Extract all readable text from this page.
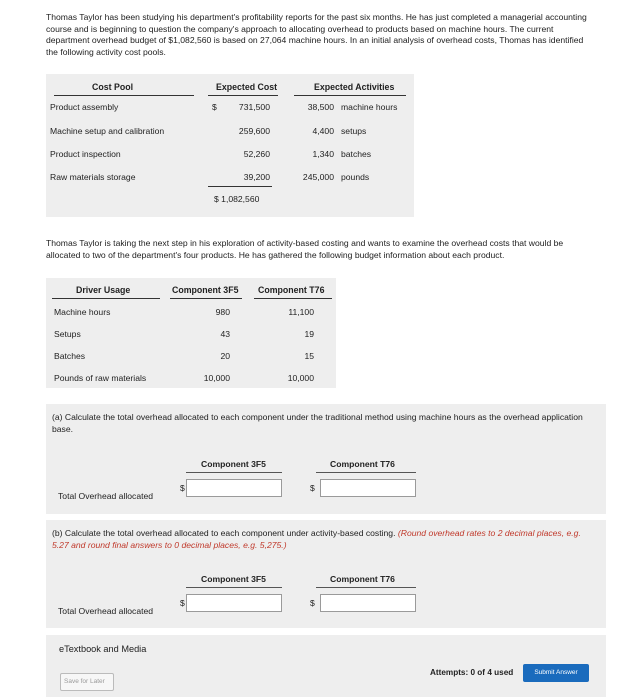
Thomas Taylor has been studying his department's profitability reports for the past six months. He has just completed a managerial accounting course and is beginning to question the company's approach to allocating overhead to products based on machine hours. The current department overhead budget of $1,082,560 is based on 27,064 machine hours. In an initial analysis of overhead costs, Thomas has identified the following activity cost pools.
Cost Pool	Expected Cost	Expected Activities
Product assembly	$	731,500	38,500 machine hours
Machine setup and calibration	259,600	4,400 setups
Product inspection	52,260	1,340 batches
Raw materials storage	39,200	245,000 pounds
$ 1,082,560
Thomas Taylor is taking the next step in his exploration of activity-based costing and wants to examine the overhead costs that would be allocated to two of the department's four products. He has gathered the following budget information about each product.
Driver Usage	Component 3F5 Component T76
Machine hours	980	11,100
Setups	43	19
Batches	20	15
Pounds of raw materials	10,000	10,000
(a) Calculate the total overhead allocated to each component under the traditional method using machine hours as the overhead application base.
Component 3F5	Component T76
Total Overhead allocated
$	$
(b) Calculate the total overhead allocated to each component under activity-based costing. (Round overhead rates to 2 decimal places, e.g. 5.27 and round final answers to 0 decimal places, e.g. 5,275.)
Component 3F5	Component T76
Total Overhead allocated
$	$
eTextbook and Media
Save for Later
Attempts: 0 of 4 used	Submit Answer
